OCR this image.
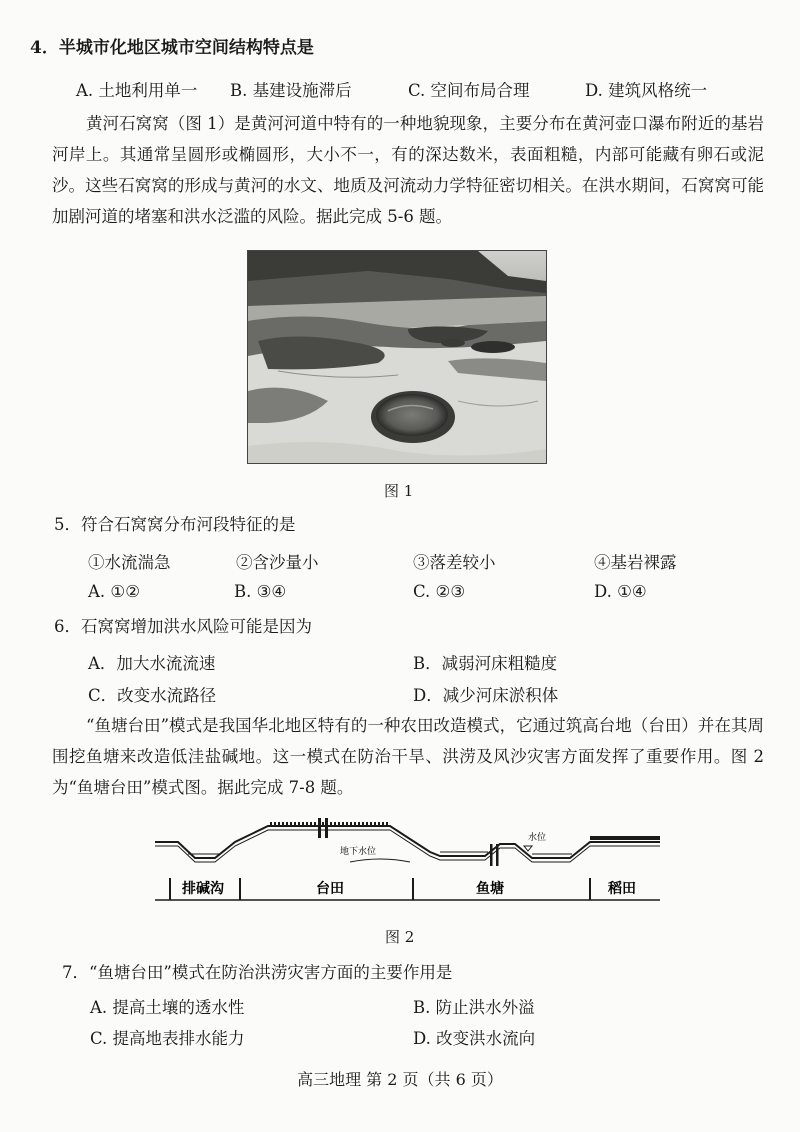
4．半城市化地区城市空间结构特点是
A. 土地利用单一 B. 基建设施滞后	C. 空间布局合理	D. 建筑风格统一
黄河石窝窝（图 1）是黄河河道中特有的一种地貌现象，主要分布在黄河壶口瀑布附近的基岩河岸上。其通常呈圆形或椭圆形，大小不一，有的深达数米，表面粗糙，内部可能藏有卵石或泥沙。这些石窝窝的形成与黄河的水文、地质及河流动力学特征密切相关。在洪水期间，石窝窝可能加剧河道的堵塞和洪水泛滥的风险。据此完成 5-6 题。
图 1
5．符合石窝窝分布河段特征的是
①水流湍急	②含沙量小	③落差较小	④基岩裸露
A. ①②	B. ③④	C. ②③	D. ①④
6．石窝窝增加洪水风险可能是因为
A．加大水流流速	B．减弱河床粗糙度
C．改变水流路径	D．减少河床淤积体
“鱼塘台田”模式是我国华北地区特有的一种农田改造模式，它通过筑高台地（台田）并在其周围挖鱼塘来改造低洼盐碱地。这一模式在防治干旱、洪涝及风沙灾害方面发挥了重要作用。图 2 为“鱼塘台田”模式图。据此完成 7-8 题。
水位
地下水位
排碱沟	台田	鱼塘	稻田
图 2
7．“鱼塘台田”模式在防治洪涝灾害方面的主要作用是
A. 提高土壤的透水性	B. 防止洪水外溢
C. 提高地表排水能力	D. 改变洪水流向
高三地理 第 2 页（共 6 页）
